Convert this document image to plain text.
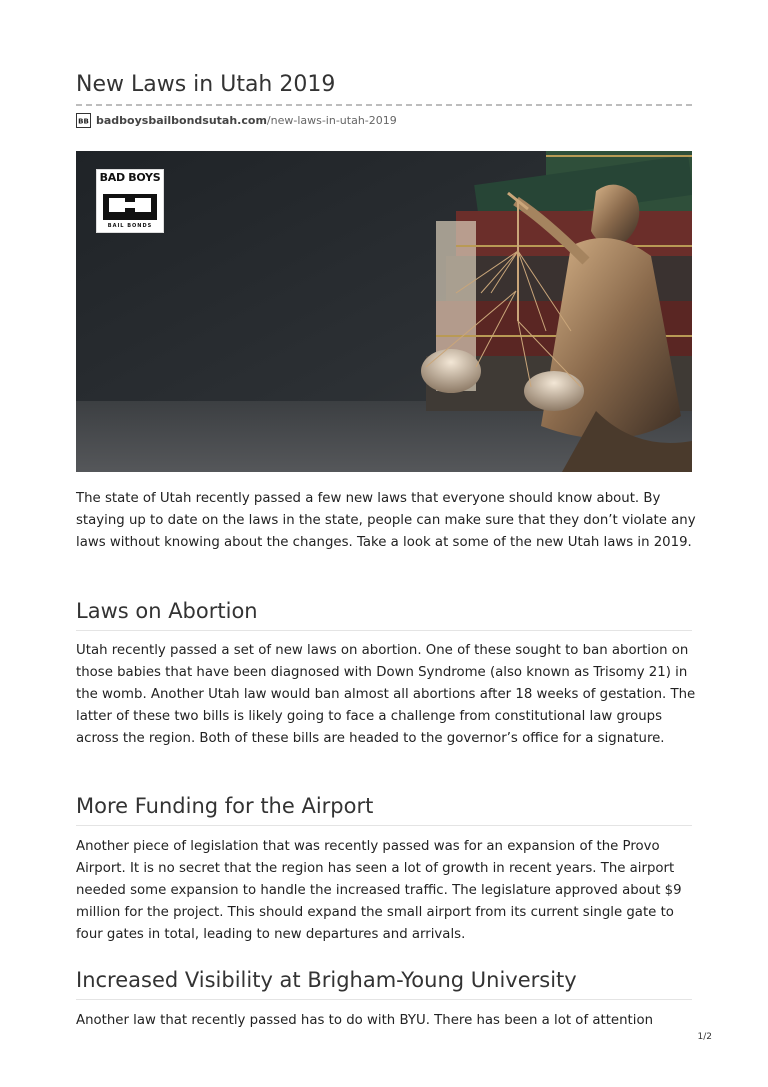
New Laws in Utah 2019
BB badboysbailbondsutah.com /new-laws-in-utah-2019
BAD BOYS
BAIL BONDS

The state of Utah recently passed a few new laws that everyone should know about. By staying up to date on the laws in the state, people can make sure that they don’t violate any laws without knowing about the changes. Take a look at some of the new Utah laws in 2019.

Laws on Abortion

Utah recently passed a set of new laws on abortion. One of these sought to ban abortion on those babies that have been diagnosed with Down Syndrome (also known as Trisomy 21) in the womb. Another Utah law would ban almost all abortions after 18 weeks of gestation. The latter of these two bills is likely going to face a challenge from constitutional law groups across the region. Both of these bills are headed to the governor’s office for a signature.

More Funding for the Airport

Another piece of legislation that was recently passed was for an expansion of the Provo Airport. It is no secret that the region has seen a lot of growth in recent years. The airport needed some expansion to handle the increased traffic. The legislature approved about $9 million for the project. This should expand the small airport from its current single gate to four gates in total, leading to new departures and arrivals.

Increased Visibility at Brigham-Young University

Another law that recently passed has to do with BYU. There has been a lot of attention

1/2
